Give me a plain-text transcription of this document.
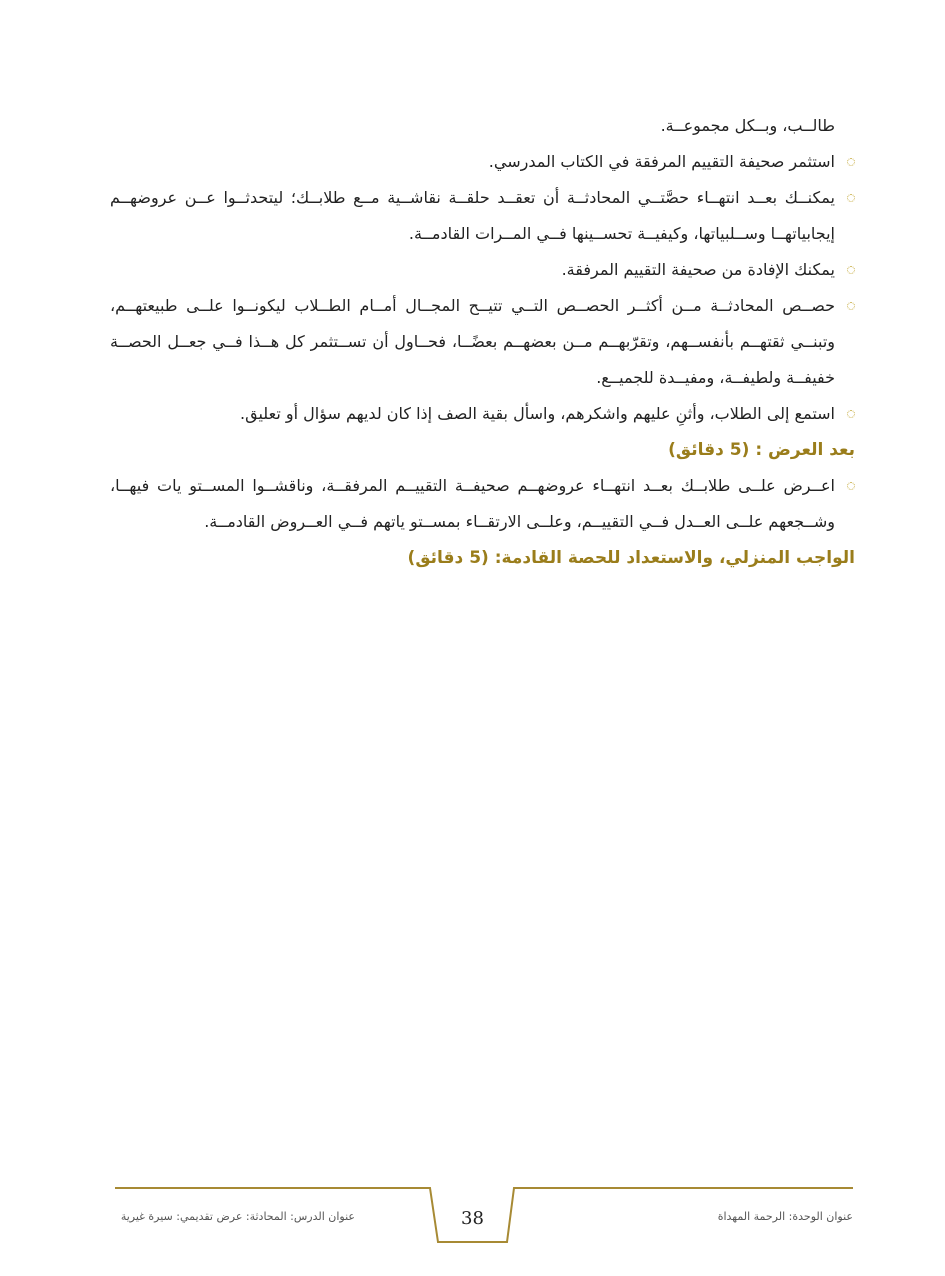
طالــب، وبــكل مجموعــة.

استثمر صحيفة التقييم المرفقة في الكتاب المدرسي.

يمكنــك بعــد انتهــاء حصَّتــي المحادثــة أن تعقــد حلقــة نقاشــية مــع طلابــك؛ ليتحدثــوا عــن عروضهــم إيجابياتهــا وســلبياتها، وكيفيــة تحســينها فــي المــرات القادمــة.

يمكنك الإفادة من صحيفة التقييم المرفقة.

حصــص المحادثــة مــن أكثــر الحصــص التــي تتيــح المجــال أمــام الطــلاب ليكونــوا علــى طبيعتهــم، وتبنــي ثقتهــم بأنفســهم، وتقرّبهــم مــن بعضهــم بعضًــا، فحــاول أن تســتثمر كل هــذا فــي جعــل الحصــة خفيفــة ولطيفــة، ومفيــدة للجميــع.

استمع إلى الطلاب، وأثنِ عليهم واشكرهم، واسأل بقية الصف إذا كان لديهم سؤال أو تعليق.

بعد العرض : (5 دقائق)

اعــرض علــى طلابــك بعــد انتهــاء عروضهــم صحيفــة التقييــم المرفقــة، وناقشــوا المســتو يات فيهــا، وشــجعهم علــى العــدل فــي التقييــم، وعلــى الارتقــاء بمســتو ياتهم فــي العــروض القادمــة.

الواجب المنزلي، والاستعداد للحصة القادمة: (5 دقائق)

38
عنوان الدرس: المحادثة: عرض تقديمي: سيرة غيرية	عنوان الوحدة: الرحمة المهداة
